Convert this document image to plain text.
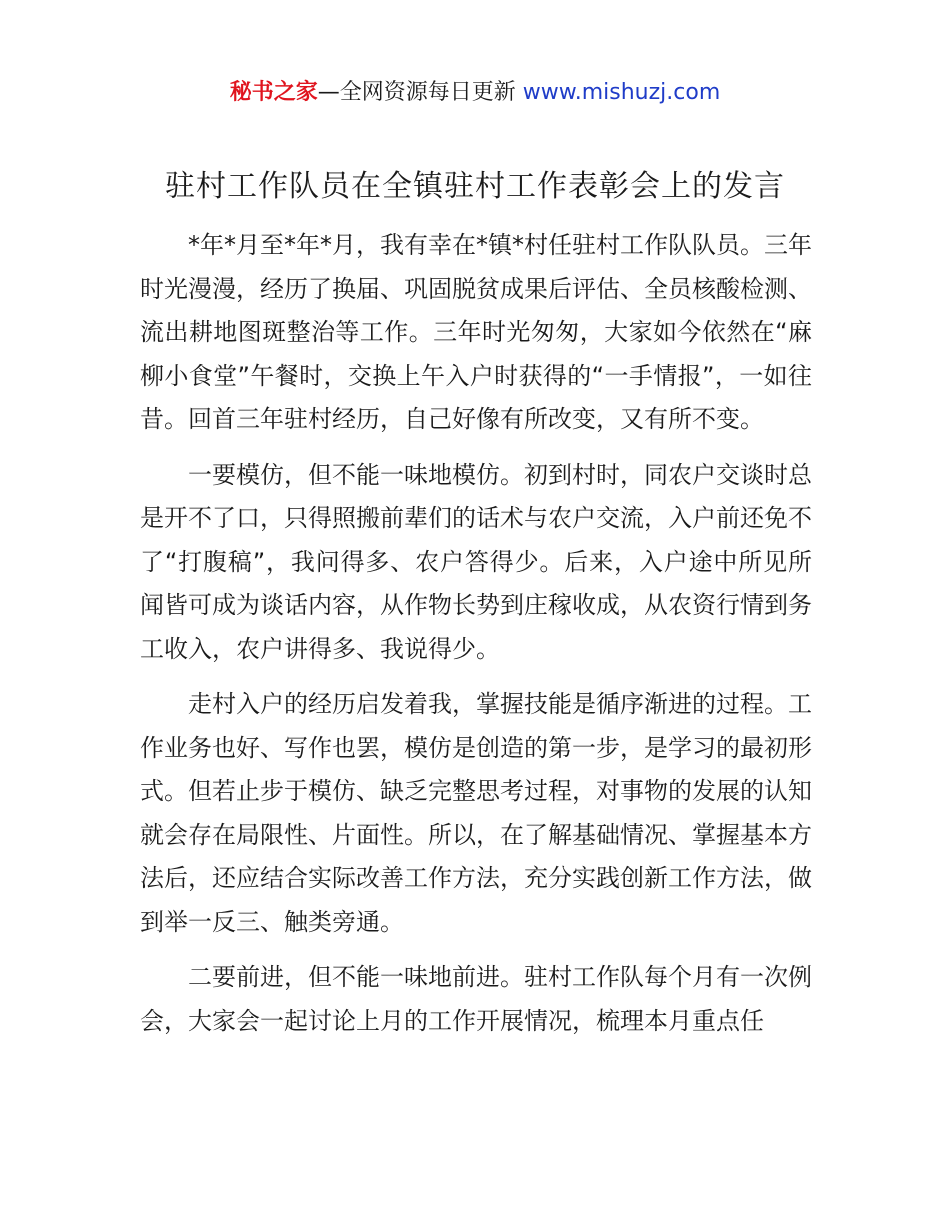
秘书之家—全网资源每日更新 www.mishuzj.com
驻村工作队员在全镇驻村工作表彰会上的发言

*年*月至*年*月，我有幸在*镇*村任驻村工作队队员。三年时光漫漫，经历了换届、巩固脱贫成果后评估、全员核酸检测、流出耕地图斑整治等工作。三年时光匆匆，大家如今依然在“麻柳小食堂”午餐时，交换上午入户时获得的“一手情报”，一如往昔。回首三年驻村经历，自己好像有所改变，又有所不变。

一要模仿，但不能一味地模仿。初到村时，同农户交谈时总是开不了口，只得照搬前辈们的话术与农户交流，入户前还免不了“打腹稿”，我问得多、农户答得少。后来，入户途中所见所闻皆可成为谈话内容，从作物长势到庄稼收成，从农资行情到务工收入，农户讲得多、我说得少。

走村入户的经历启发着我，掌握技能是循序渐进的过程。工作业务也好、写作也罢，模仿是创造的第一步，是学习的最初形式。但若止步于模仿、缺乏完整思考过程，对事物的发展的认知就会存在局限性、片面性。所以，在了解基础情况、掌握基本方法后，还应结合实际改善工作方法，充分实践创新工作方法，做到举一反三、触类旁通。

二要前进，但不能一味地前进。驻村工作队每个月有一次例会，大家会一起讨论上月的工作开展情况，梳理本月重点任
